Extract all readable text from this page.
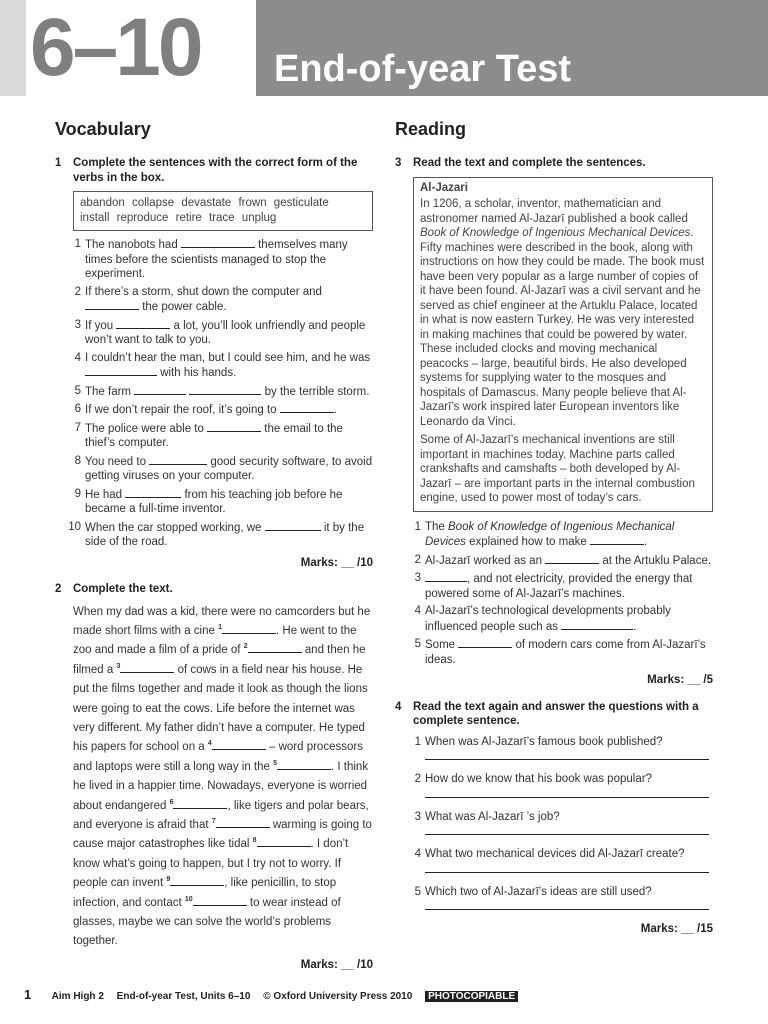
6–10	End-of-year Test
Vocabulary
1 Complete the sentences with the correct form of the verbs in the box.
abandon collapse devastate frown gesticulate
install reproduce retire trace unplug
1 The nanobots had	themselves many times before the scientists managed to stop the experiment.
2 If there’s a storm, shut down the computer and  the power cable.
3 If you	a lot, you’ll look unfriendly and people won’t want to talk to you.
4 I couldn’t hear the man, but I could see him, and he was  with his hands.
5 The farm	by the terrible storm.
6 If we don’t repair the roof, it’s going to	.
7 The police were able to	the email to the thief’s computer.
8 You need to	good security software, to avoid getting viruses on your computer.
9 He had	from his teaching job before he became a full-time inventor.
10 When the car stopped working, we	it by the side of the road.
Marks: __ /10
2 Complete the text.
When my dad was a kid, there were no camcorders but he made short films with a cine $^1$	. He went to the zoo and made a film of a pride of $^2$	and then he filmed a $^3$	of cows in a field near his house. He put the films together and made it look as though the lions were going to eat the cows. Life before the internet was very different. My father didn’t have a computer. He typed his papers for school on a $^4$	– word processors and laptops were still a long way in the $^5$	. I think he lived in a happier time. Nowadays, everyone is worried about endangered $^6$	, like tigers and polar bears, and everyone is afraid that $^7$	warming is going to cause major catastrophes like tidal $^8$	. I don’t know what’s going to happen, but I try not to worry. If people can invent $^9$	, like penicillin, to stop infection, and contact $^{10}$	to wear instead of glasses, maybe we can solve the world’s problems together.
Marks: __ /10
Reading
3 Read the text and complete the sentences.
Al-Jazari

In 1206, a scholar, inventor, mathematician and astronomer named Al-Jazarī published a book called Book of Knowledge of Ingenious Mechanical Devices. Fifty machines were described in the book, along with instructions on how they could be made. The book must have been very popular as a large number of copies of it have been found. Al-Jazarī was a civil servant and he served as chief engineer at the Artuklu Palace, located in what is now eastern Turkey. He was very interested in making machines that could be powered by water. These included clocks and moving mechanical peacocks – large, beautiful birds. He also developed systems for supplying water to the mosques and hospitals of Damascus. Many people believe that Al-Jazarī’s work inspired later European inventors like Leonardo da Vinci.

Some of Al-Jazarī’s mechanical inventions are still important in machines today. Machine parts called crankshafts and camshafts – both developed by Al-Jazarī – are important parts in the internal combustion engine, used to power most of today’s cars.

1 The Book of Knowledge of Ingenious Mechanical Devices explained how to make	.
2 Al-Jazarī worked as an	at the Artuklu Palace.
3	, and not electricity, provided the energy that powered some of Al-Jazarī’s machines.
4 Al-Jazarī’s technological developments probably influenced people such as	.
5 Some	of modern cars come from Al-Jazarī’s ideas.
Marks: __ /5
4 Read the text again and answer the questions with a complete sentence.
1 When was Al-Jazarī’s famous book published?
2 How do we know that his book was popular?
3 What was Al-Jazarī ’s job?
4 What two mechanical devices did Al-Jazarī create?
5 Which two of Al-Jazarī’s ideas are still used?
Marks: __ /15
1 Aim High 2 End-of-year Test, Units 6–10 © Oxford University Press 2010 PHOTOCOPIABLE
